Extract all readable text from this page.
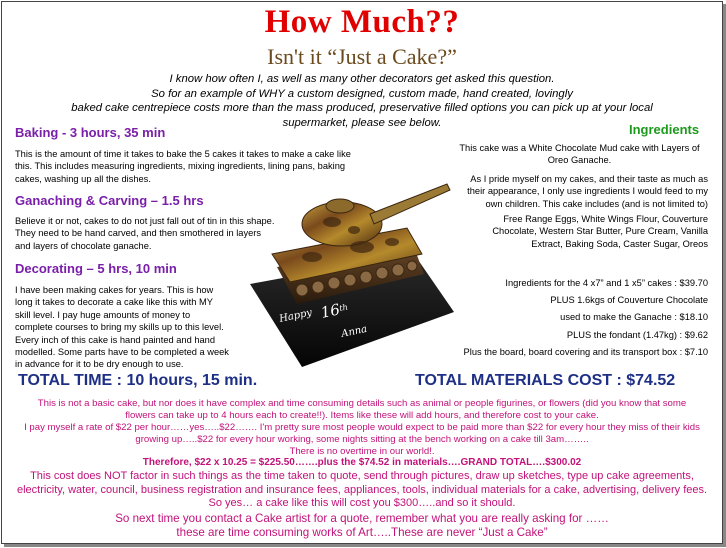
How Much??
Isn't it “Just a Cake?”
I know how often I, as well as many other decorators get asked this question.
So for an example of WHY a custom designed, custom made, hand created, lovingly
baked cake centrepiece costs more than the mass produced, preservative filled options you can pick up at your local
supermarket, please see below.
Baking - 3 hours, 35 min
This is the amount of time it takes to bake the 5 cakes it takes to make a cake like
this. This includes measuring ingredients, mixing ingredients, lining pans, baking
cakes, washing up all the dishes.
Ganaching & Carving – 1.5 hrs
Believe it or not, cakes to do not just fall out of tin in this shape.
They need to be hand carved, and then smothered in layers
and layers of chocolate ganache.
Decorating – 5 hrs, 10 min
I have been making cakes for years. This is how
long it takes to decorate a cake like this with MY
skill level. I pay huge amounts of money to
complete courses to bring my skills up to this level.
Every inch of this cake is hand painted and hand
modelled. Some parts have to be completed a week
in advance for it to be dry enough to use.
Happy 16
th
Anna
Ingredients
This cake was a White Chocolate Mud cake with Layers of
Oreo Ganache.
As I pride myself on my cakes, and their taste as much as
their appearance, I only use ingredients I would feed to my
own children. This cake includes (and is not limited to)
Free Range Eggs, White Wings Flour, Couverture
Chocolate, Western Star Butter, Pure Cream, Vanilla
Extract, Baking Soda, Caster Sugar, Oreos
Ingredients for the 4 x7” and 1 x5” cakes : $39.70
PLUS 1.6kgs of Couverture Chocolate
used to make the Ganache : $18.10
PLUS the fondant (1.47kg) : $9.62
Plus the board, board covering and its transport box : $7.10
TOTAL TIME : 10 hours, 15 min.	TOTAL MATERIALS COST : $74.52
This is not a basic cake, but nor does it have complex and time consuming details such as animal or people figurines, or flowers (did you know that some
flowers can take up to 4 hours each to create!!). Items like these will add hours, and therefore cost to your cake.
I pay myself a rate of $22 per hour……yes…..$22……. I'm pretty sure most people would expect to be paid more than $22 for every hour they miss of their kids
growing up…..$22 for every hour working, some nights sitting at the bench working on a cake till 3am……..
There is no overtime in our world!.
Therefore, $22 x 10.25 = $225.50…….plus the $74.52 in materials….GRAND TOTAL….$300.02
This cost does NOT factor in such things as the time taken to quote, send through pictures, draw up sketches, type up cake agreements,
electricity, water, council, business registration and insurance fees, appliances, tools, individual materials for a cake, advertising, delivery fees.
So yes… a cake like this will cost you $300…..and so it should.
So next time you contact a Cake artist for a quote, remember what you are really asking for ……
these are time consuming works of Art…..These are never “Just a Cake”
